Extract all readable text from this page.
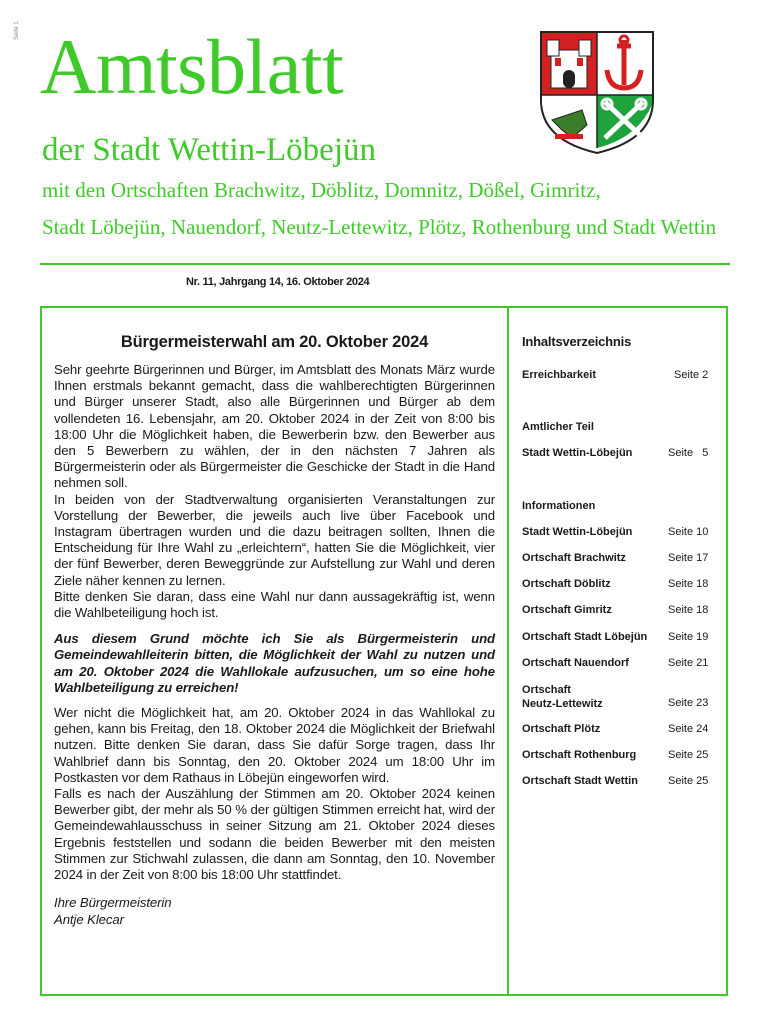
Seite 1 Amtsblatt
der Stadt Wettin-Löbejün
mit den Ortschaften Brachwitz, Döblitz, Domnitz, Dößel, Gimritz,
Stadt Löbejün, Nauendorf, Neutz-Lettewitz, Plötz, Rothenburg und Stadt Wettin
Nr. 11, Jahrgang 14, 16. Oktober 2024
Bürgermeisterwahl am 20. Oktober 2024

Sehr geehrte Bürgerinnen und Bürger, im Amtsblatt des Monats März wurde Ihnen erstmals bekannt gemacht, dass die wahlberechtigten Bürgerinnen und Bürger unserer Stadt, also alle Bürgerinnen und Bürger ab dem vollendeten 16. Lebensjahr, am 20. Oktober 2024 in der Zeit von 8:00 bis 18:00 Uhr die Möglichkeit haben, die Bewerberin bzw. den Bewerber aus den 5 Bewerbern zu wählen, der in den nächsten 7 Jahren als Bürgermeisterin oder als Bürgermeister die Geschicke der Stadt in die Hand nehmen soll.

In beiden von der Stadtverwaltung organisierten Veranstaltungen zur Vorstellung der Bewerber, die jeweils auch live über Facebook und Instagram übertragen wurden und die dazu beitragen sollten, Ihnen die Entscheidung für Ihre Wahl zu „erleichtern“, hatten Sie die Möglichkeit, vier der fünf Bewerber, deren Beweggründe zur Aufstellung zur Wahl und deren Ziele näher kennen zu lernen.

Bitte denken Sie daran, dass eine Wahl nur dann aussagekräftig ist, wenn die Wahlbeteiligung hoch ist.

Aus diesem Grund möchte ich Sie als Bürgermeisterin und Gemeindewahlleiterin bitten, die Möglichkeit der Wahl zu nutzen und am 20. Oktober 2024 die Wahllokale aufzusuchen, um so eine hohe Wahlbeteiligung zu erreichen!

Wer nicht die Möglichkeit hat, am 20. Oktober 2024 in das Wahllokal zu gehen, kann bis Freitag, den 18. Oktober 2024 die Möglichkeit der Briefwahl nutzen. Bitte denken Sie daran, dass Sie dafür Sorge tragen, dass Ihr Wahlbrief dann bis Sonntag, den 20. Oktober 2024 um 18:00 Uhr im Postkasten vor dem Rathaus in Löbejün eingeworfen wird.

Falls es nach der Auszählung der Stimmen am 20. Oktober 2024 keinen Bewerber gibt, der mehr als 50 % der gültigen Stimmen erreicht hat, wird der Gemeindewahlausschuss in seiner Sitzung am 21. Oktober 2024 dieses Ergebnis feststellen und sodann die beiden Bewerber mit den meisten Stimmen zur Stichwahl zulassen, die dann am Sonntag, den 10. November 2024 in der Zeit von 8:00 bis 18:00 Uhr stattfindet.

Ihre Bürgermeisterin
Antje Klecar

Inhaltsverzeichnis
Erreichbarkeit	Seite 2
Amtlicher Teil
Stadt Wettin-Löbejün	Seite   5
Informationen
Stadt Wettin-Löbejün	Seite 10
Ortschaft Brachwitz	Seite 17
Ortschaft Döblitz	Seite 18
Ortschaft Gimritz	Seite 18
Ortschaft Stadt Löbejün Seite 19
Ortschaft Nauendorf	Seite 21
Ortschaft
Neutz-Lettewitz	Seite 23
Ortschaft Plötz	Seite 24
Ortschaft Rothenburg	Seite 25
Ortschaft Stadt Wettin	Seite 25
